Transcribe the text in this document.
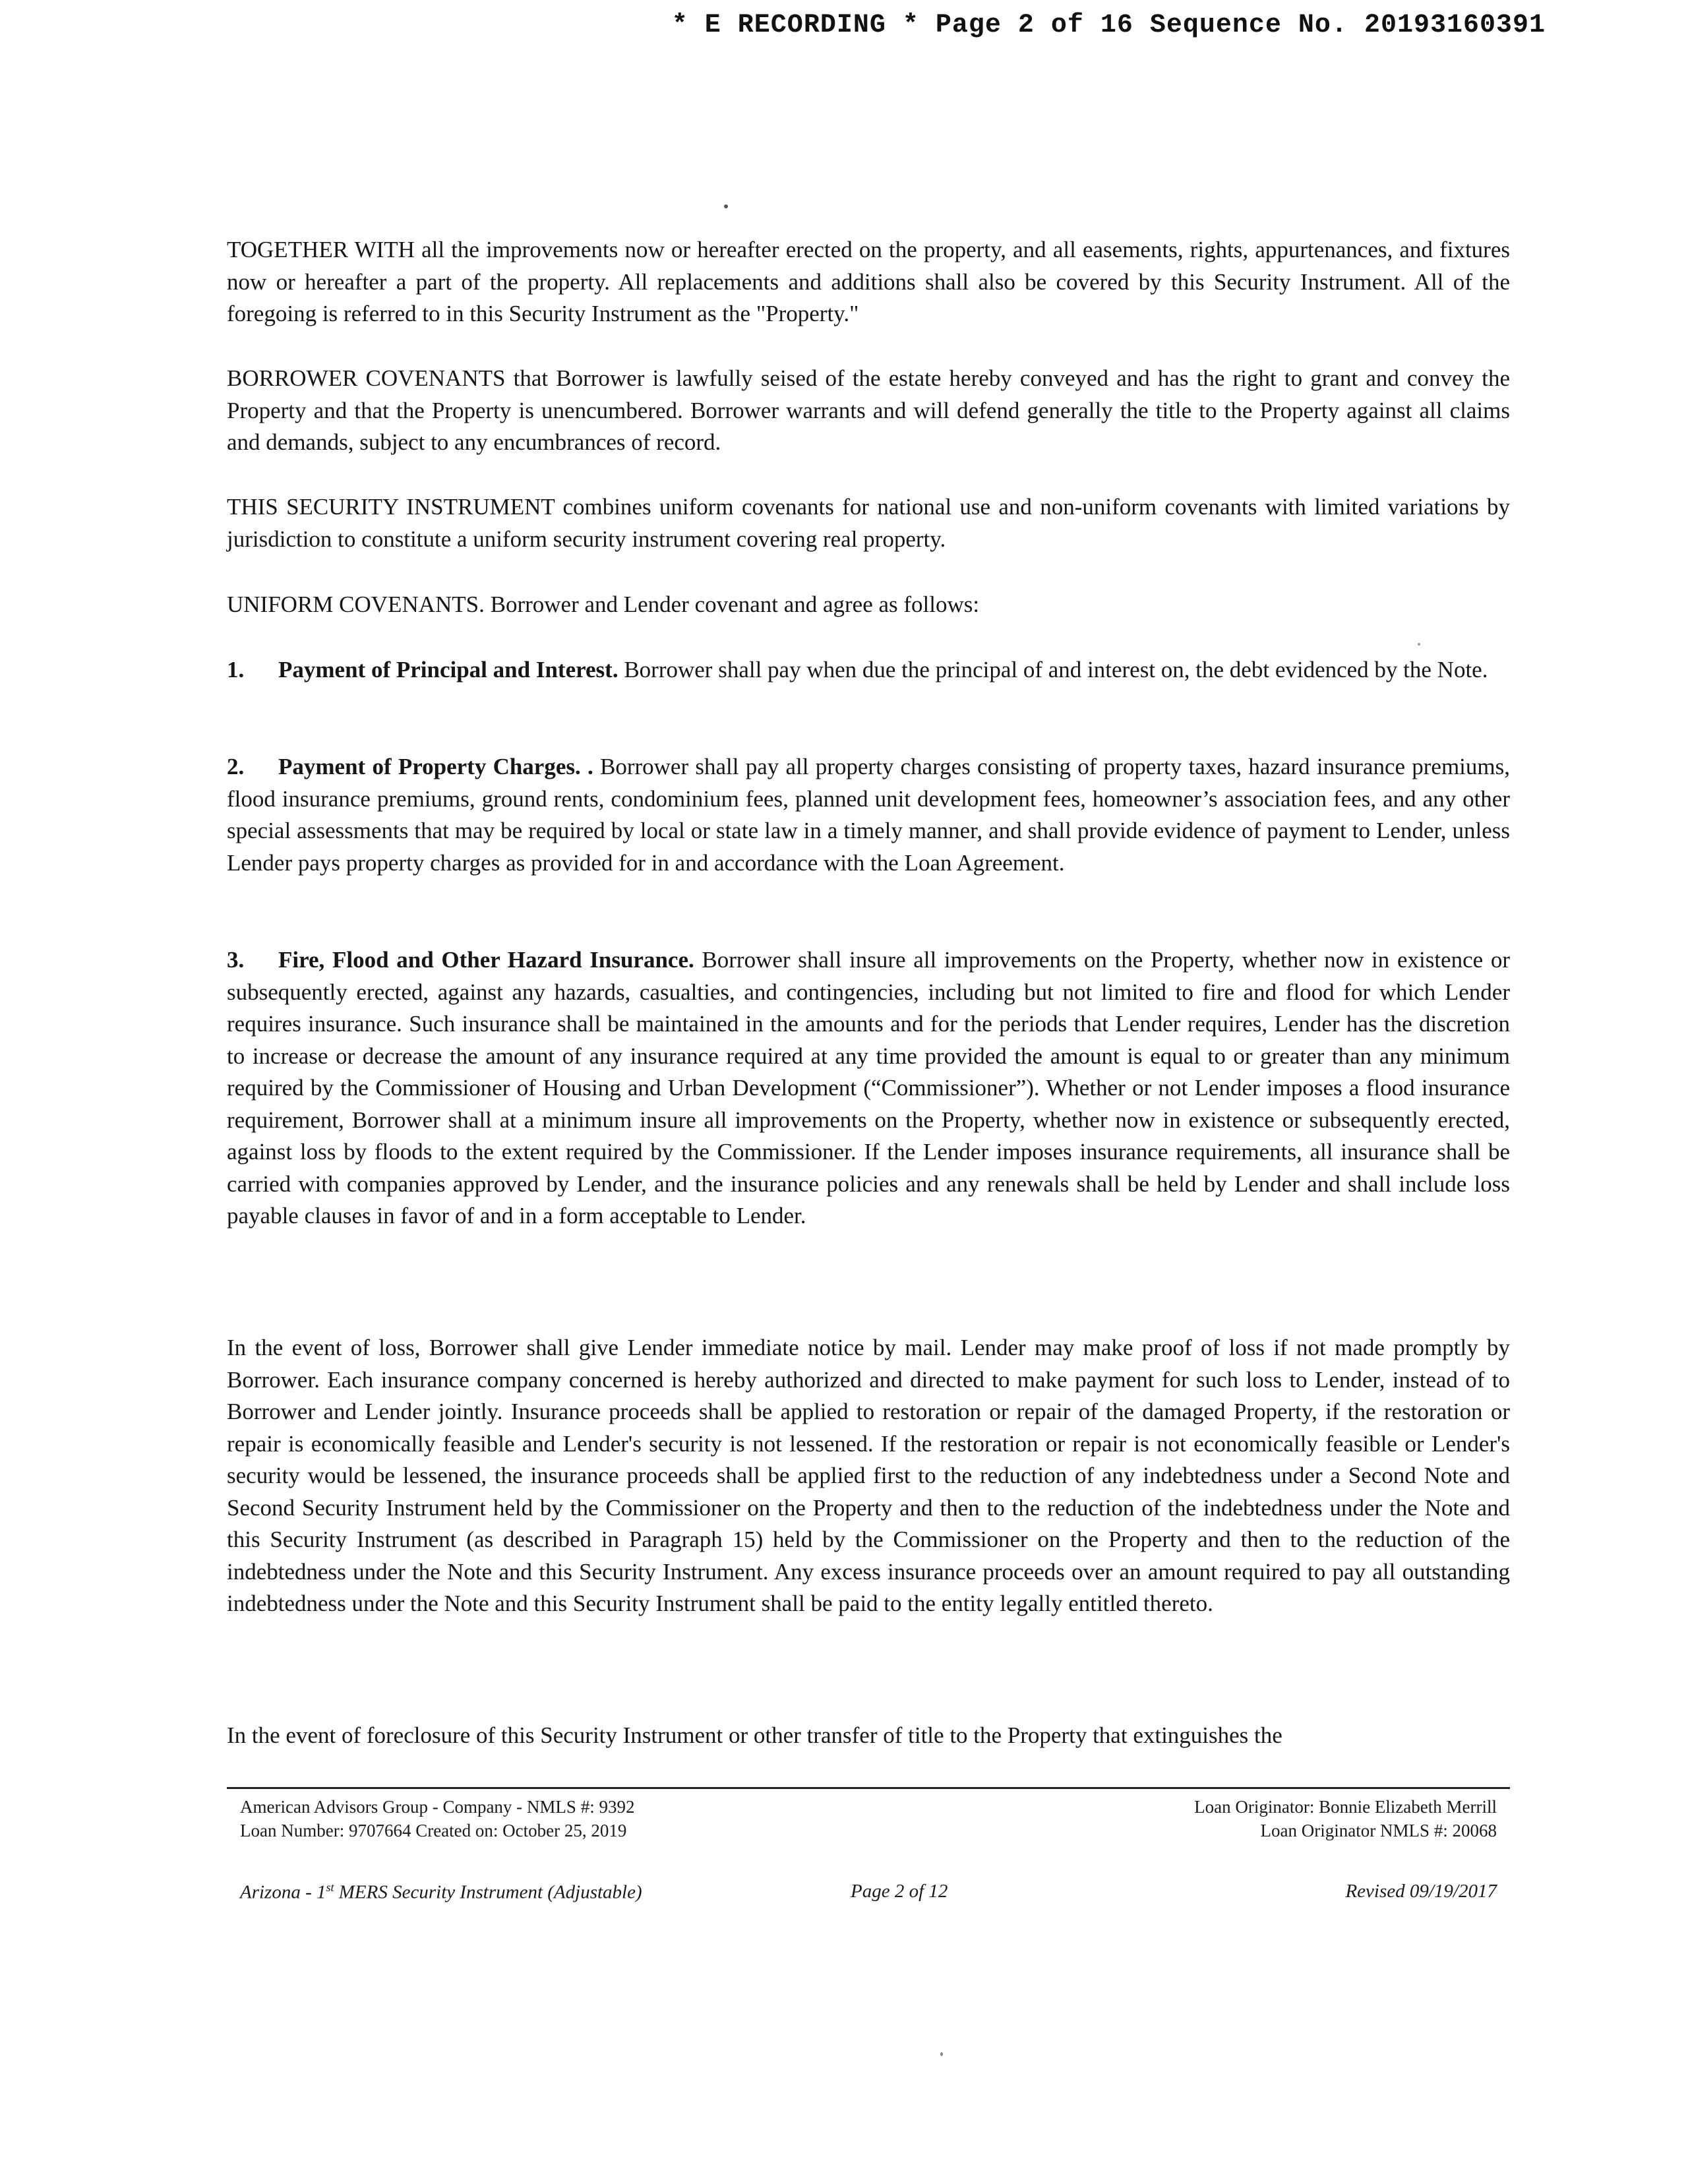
* E RECORDING * Page 2 of 16 Sequence No. 20193160391

TOGETHER WITH all the improvements now or hereafter erected on the property, and all easements, rights, appurtenances, and fixtures now or hereafter a part of the property. All replacements and additions shall also be covered by this Security Instrument. All of the foregoing is referred to in this Security Instrument as the "Property."

BORROWER COVENANTS that Borrower is lawfully seised of the estate hereby conveyed and has the right to grant and convey the Property and that the Property is unencumbered. Borrower warrants and will defend generally the title to the Property against all claims and demands, subject to any encumbrances of record.

THIS SECURITY INSTRUMENT combines uniform covenants for national use and non-uniform covenants with limited variations by jurisdiction to constitute a uniform security instrument covering real property.

UNIFORM COVENANTS. Borrower and Lender covenant and agree as follows:

1. Payment of Principal and Interest. Borrower shall pay when due the principal of and interest on, the debt evidenced by the Note.

2. Payment of Property Charges. . Borrower shall pay all property charges consisting of property taxes, hazard insurance premiums, flood insurance premiums, ground rents, condominium fees, planned unit development fees, homeowner’s association fees, and any other special assessments that may be required by local or state law in a timely manner, and shall provide evidence of payment to Lender, unless Lender pays property charges as provided for in and accordance with the Loan Agreement.

3. Fire, Flood and Other Hazard Insurance. Borrower shall insure all improvements on the Property, whether now in existence or subsequently erected, against any hazards, casualties, and contingencies, including but not limited to fire and flood for which Lender requires insurance. Such insurance shall be maintained in the amounts and for the periods that Lender requires, Lender has the discretion to increase or decrease the amount of any insurance required at any time provided the amount is equal to or greater than any minimum required by the Commissioner of Housing and Urban Development (“Commissioner”). Whether or not Lender imposes a flood insurance requirement, Borrower shall at a minimum insure all improvements on the Property, whether now in existence or subsequently erected, against loss by floods to the extent required by the Commissioner. If the Lender imposes insurance requirements, all insurance shall be carried with companies approved by Lender, and the insurance policies and any renewals shall be held by Lender and shall include loss payable clauses in favor of and in a form acceptable to Lender.

In the event of loss, Borrower shall give Lender immediate notice by mail. Lender may make proof of loss if not made promptly by Borrower. Each insurance company concerned is hereby authorized and directed to make payment for such loss to Lender, instead of to Borrower and Lender jointly. Insurance proceeds shall be applied to restoration or repair of the damaged Property, if the restoration or repair is economically feasible and Lender's security is not lessened. If the restoration or repair is not economically feasible or Lender's security would be lessened, the insurance proceeds shall be applied first to the reduction of any indebtedness under a Second Note and Second Security Instrument held by the Commissioner on the Property and then to the reduction of the indebtedness under the Note and this Security Instrument (as described in Paragraph 15) held by the Commissioner on the Property and then to the reduction of the indebtedness under the Note and this Security Instrument. Any excess insurance proceeds over an amount required to pay all outstanding indebtedness under the Note and this Security Instrument shall be paid to the entity legally entitled thereto.

In the event of foreclosure of this Security Instrument or other transfer of title to the Property that extinguishes the

American Advisors Group - Company - NMLS #: 9392
Loan Number: 9707664 Created on: October 25, 2019
Loan Originator: Bonnie Elizabeth Merrill
Loan Originator NMLS #: 20068
Arizona - 1st MERS Security Instrument (Adjustable)	Page 2 of 12	Revised 09/19/2017
